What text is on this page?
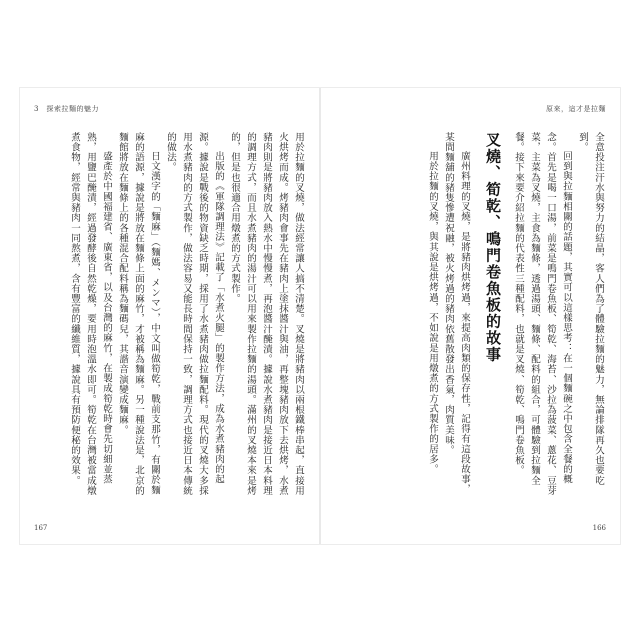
3　探索拉麵的魅力

用於拉麵的叉燒，做法經常讓人搞不清楚。叉燒是將豬肉以兩根鐵棒串起，直接用火烘烤而成。烤豬肉會事先在豬肉上塗抹醬汁與油，再整塊豬肉放下去烘烤，水煮豬肉則是將豬肉放入熱水中慢慢煮，再泡醬汁醃漬。據說水煮豬肉是接近日本料理的調理方式，而且水煮豬肉的湯汁可以用來製作拉麵的湯頭。滿州的叉燒本來是烤的，但是也很適合用燉煮的方式製作。

出版的《軍隊調理法》記載了「水煮火腿」的製作方法，成為水煮豬肉的起源。據說是戰後的物資缺乏時期，採用了水煮豬肉做拉麵配料。現代的叉燒大多採用水煮豬肉的方式製作，做法容易又能長時間保持一致，調理方式也接近日本傳統的做法。

日文漢字的「麵麻」（麵媽、メンマ），中文叫做筍乾，戰前支那竹，有關於麵麻的語源，據說是將放在麵條上面的麻竹，才被稱為麵麻。另一種說法是，北京的麵館將放在麵條上的各種混合配料稱為麵碼兒，其諧音演變成麵麻。

盛產於中國福建省、廣東省，以及台灣的麻竹，在製成筍乾時會先切細並蒸熟，用鹽巴醃漬，經過發酵後自然乾燥，要用時泡溫水即可。筍乾在台灣被當成燉煮食物，經常與豬肉一同熬煮，含有豐富的纖維質，據說具有預防便秘的效果。

167
原來，這才是拉麵

全意投注汗水與努力的結晶，客人們為了體驗拉麵的魅力，無論排隊再久也要吃到。

回到與拉麵相關的話題，其實可以這樣思考：在一個麵碗之中包含全餐的概念。首先是喝一口湯，前菜是鳴門卷魚板、筍乾、海苔、沙拉為菠菜、蔥花、豆芽菜，主菜為叉燒，主食為麵條，透過湯頭、麵條、配料的組合，可體驗到拉麵全餐。接下來要介紹拉麵的代表性三種配料，也就是叉燒、筍乾、鳴門卷魚板。

叉燒、筍乾、鳴門卷魚板的故事

廣州料理的叉燒，是將豬肉烘烤過，來提高肉類的保存性，記得有這段故事，某間麵舖的豬隻慘遭祝融，被火烤過的豬肉依舊散發出香氣，肉質美味。

用於拉麵的叉燒，與其說是烘烤過，不如說是用燉煮的方式製作的居多。

166
